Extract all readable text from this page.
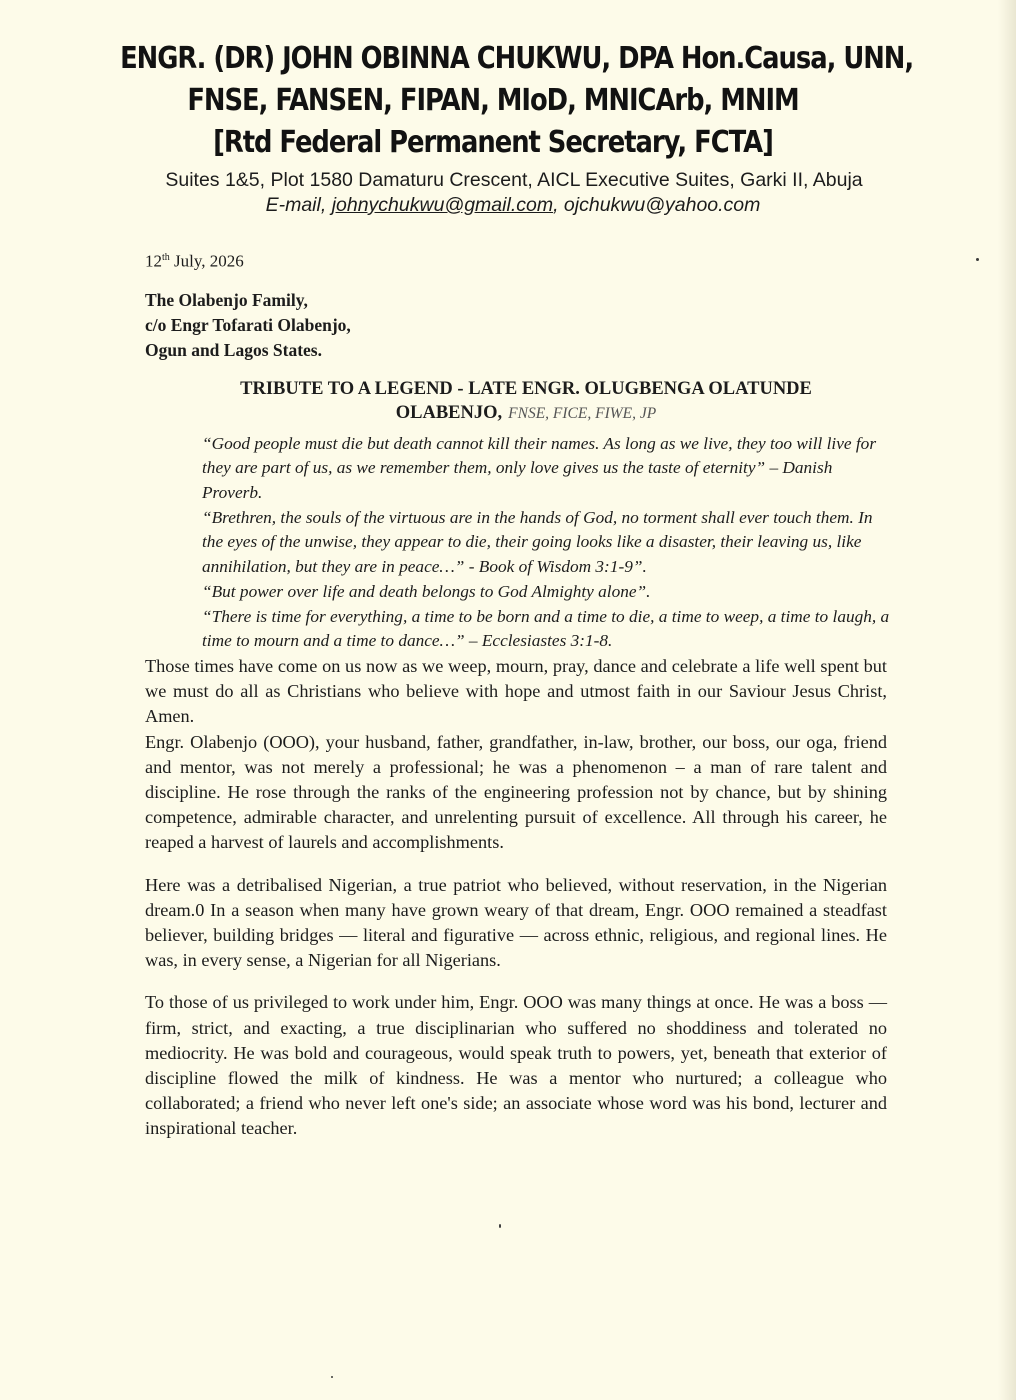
ENGR. (DR) JOHN OBINNA CHUKWU, DPA Hon.Causa, UNN,
FNSE, FANSEN, FIPAN, MIoD, MNICArb, MNIM
[Rtd Federal Permanent Secretary, FCTA]
Suites 1&5, Plot 1580 Damaturu Crescent, AICL Executive Suites, Garki II, Abuja
E-mail, johnychukwu@gmail.com, ojchukwu@yahoo.com
12th July, 2026
The Olabenjo Family,
c/o Engr Tofarati Olabenjo,
Ogun and Lagos States.
TRIBUTE TO A LEGEND - LATE ENGR. OLUGBENGA OLATUNDE
OLABENJO, FNSE, FICE, FIWE, JP

“Good people must die but death cannot kill their names. As long as we live, they too will live for they are part of us, as we remember them, only love gives us the taste of eternity” – Danish Proverb.

“Brethren, the souls of the virtuous are in the hands of God, no torment shall ever touch them. In the eyes of the unwise, they appear to die, their going looks like a disaster, their leaving us, like annihilation, but they are in peace…” - Book of Wisdom 3:1-9”.

“But power over life and death belongs to God Almighty alone”.

“There is time for everything, a time to be born and a time to die, a time to weep, a time to laugh, a time to mourn and a time to dance…” – Ecclesiastes 3:1-8.

Those times have come on us now as we weep, mourn, pray, dance and celebrate a life well spent but we must do all as Christians who believe with hope and utmost faith in our Saviour Jesus Christ, Amen.

Engr. Olabenjo (OOO), your husband, father, grandfather, in-law, brother, our boss, our oga, friend and mentor, was not merely a professional; he was a phenomenon – a man of rare talent and discipline. He rose through the ranks of the engineering profession not by chance, but by shining competence, admirable character, and unrelenting pursuit of excellence. All through his career, he reaped a harvest of laurels and accomplishments.

Here was a detribalised Nigerian, a true patriot who believed, without reservation, in the Nigerian dream.0 In a season when many have grown weary of that dream, Engr. OOO remained a steadfast believer, building bridges — literal and figurative — across ethnic, religious, and regional lines. He was, in every sense, a Nigerian for all Nigerians.

To those of us privileged to work under him, Engr. OOO was many things at once. He was a boss — firm, strict, and exacting, a true disciplinarian who suffered no shoddiness and tolerated no mediocrity. He was bold and courageous, would speak truth to powers, yet, beneath that exterior of discipline flowed the milk of kindness. He was a mentor who nurtured; a colleague who collaborated; a friend who never left one's side; an associate whose word was his bond, lecturer and inspirational teacher.
